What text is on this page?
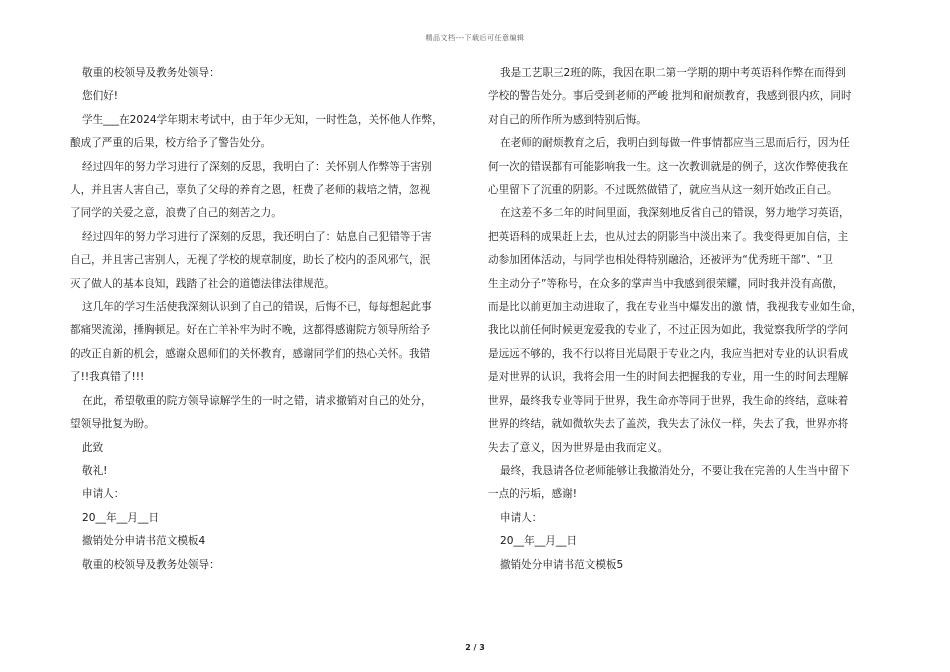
精品文档---下载后可任意编辑

敬重的校领导及教务处领导：

您们好!

学生___在2024学年期末考试中，由于年少无知，一时性急，关怀他人作弊，

酿成了严重的后果，校方给予了警告处分。

经过四年的努力学习进行了深刻的反思，我明白了：关怀别人作弊等于害别

人，并且害人害自己，辜负了父母的养育之恩，枉费了老师的栽培之情，忽视

了同学的关爱之意，浪费了自己的刻苦之力。

经过四年的努力学习进行了深刻的反思，我还明白了：姑息自己犯错等于害

自己，并且害己害别人，无视了学校的规章制度，助长了校内的歪风邪气，泯

灭了做人的基本良知，践踏了社会的道德法律法律规范。

这几年的学习生活使我深刻认识到了自己的错误，后悔不已，每每想起此事

都痛哭流涕，捶胸顿足。好在亡羊补牢为时不晚，这都得感谢院方领导所给予

的改正自新的机会，感谢众恩师们的关怀教育，感谢同学们的热心关怀。我错

了!!我真错了!!!

在此，希望敬重的院方领导谅解学生的一时之错，请求撤销对自己的处分，

望领导批复为盼。

此致

敬礼!

申请人：

20__年__月__日

撤销处分申请书范文模板4

敬重的校领导及教务处领导：

我是工艺职三2班的陈，我因在职二第一学期的期中考英语科作弊在而得到

学校的警告处分。事后受到老师的严峻 批判和耐烦教育，我感到很内疚，同时

对自己的所作所为感到特别后悔。

在老师的耐烦教育之后，我明白到每做一件事情都应当三思而后行，因为任

何一次的错误都有可能影响我一生。这一次教训就是的例子，这次作弊使我在

心里留下了沉重的阴影。不过既然做错了，就应当从这一刻开始改正自己。

在这差不多二年的时间里面，我深刻地反省自己的错误，努力地学习英语，

把英语科的成果赶上去，也从过去的阴影当中淡出来了。我变得更加自信，主

动参加团体活动，与同学也相处得特别融洽，还被评为“优秀班干部”、“卫

生主动分子”等称号，在众多的掌声当中我感到很荣耀，同时我并没有高傲，

而是比以前更加主动进取了，我在专业当中爆发出的激 情，我视我专业如生命，

我比以前任何时候更宠爱我的专业了，不过正因为如此，我觉察我所学的学问

是远远不够的，我不行以将目光局限于专业之内，我应当把对专业的认识看成

是对世界的认识，我将会用一生的时间去把握我的专业，用一生的时间去理解

世界，最终我专业等同于世界，我生命亦等同于世界，我生命的终结，意味着

世界的终结，就如微软失去了盖茨，我失去了泳仪一样，失去了我，世界亦将

失去了意义，因为世界是由我而定义。

最终，我恳请各位老师能够让我撤消处分，不要让我在完善的人生当中留下

一点的污垢，感谢!

申请人：

20__年__月__日

撤销处分申请书范文模板5

2 / 3
